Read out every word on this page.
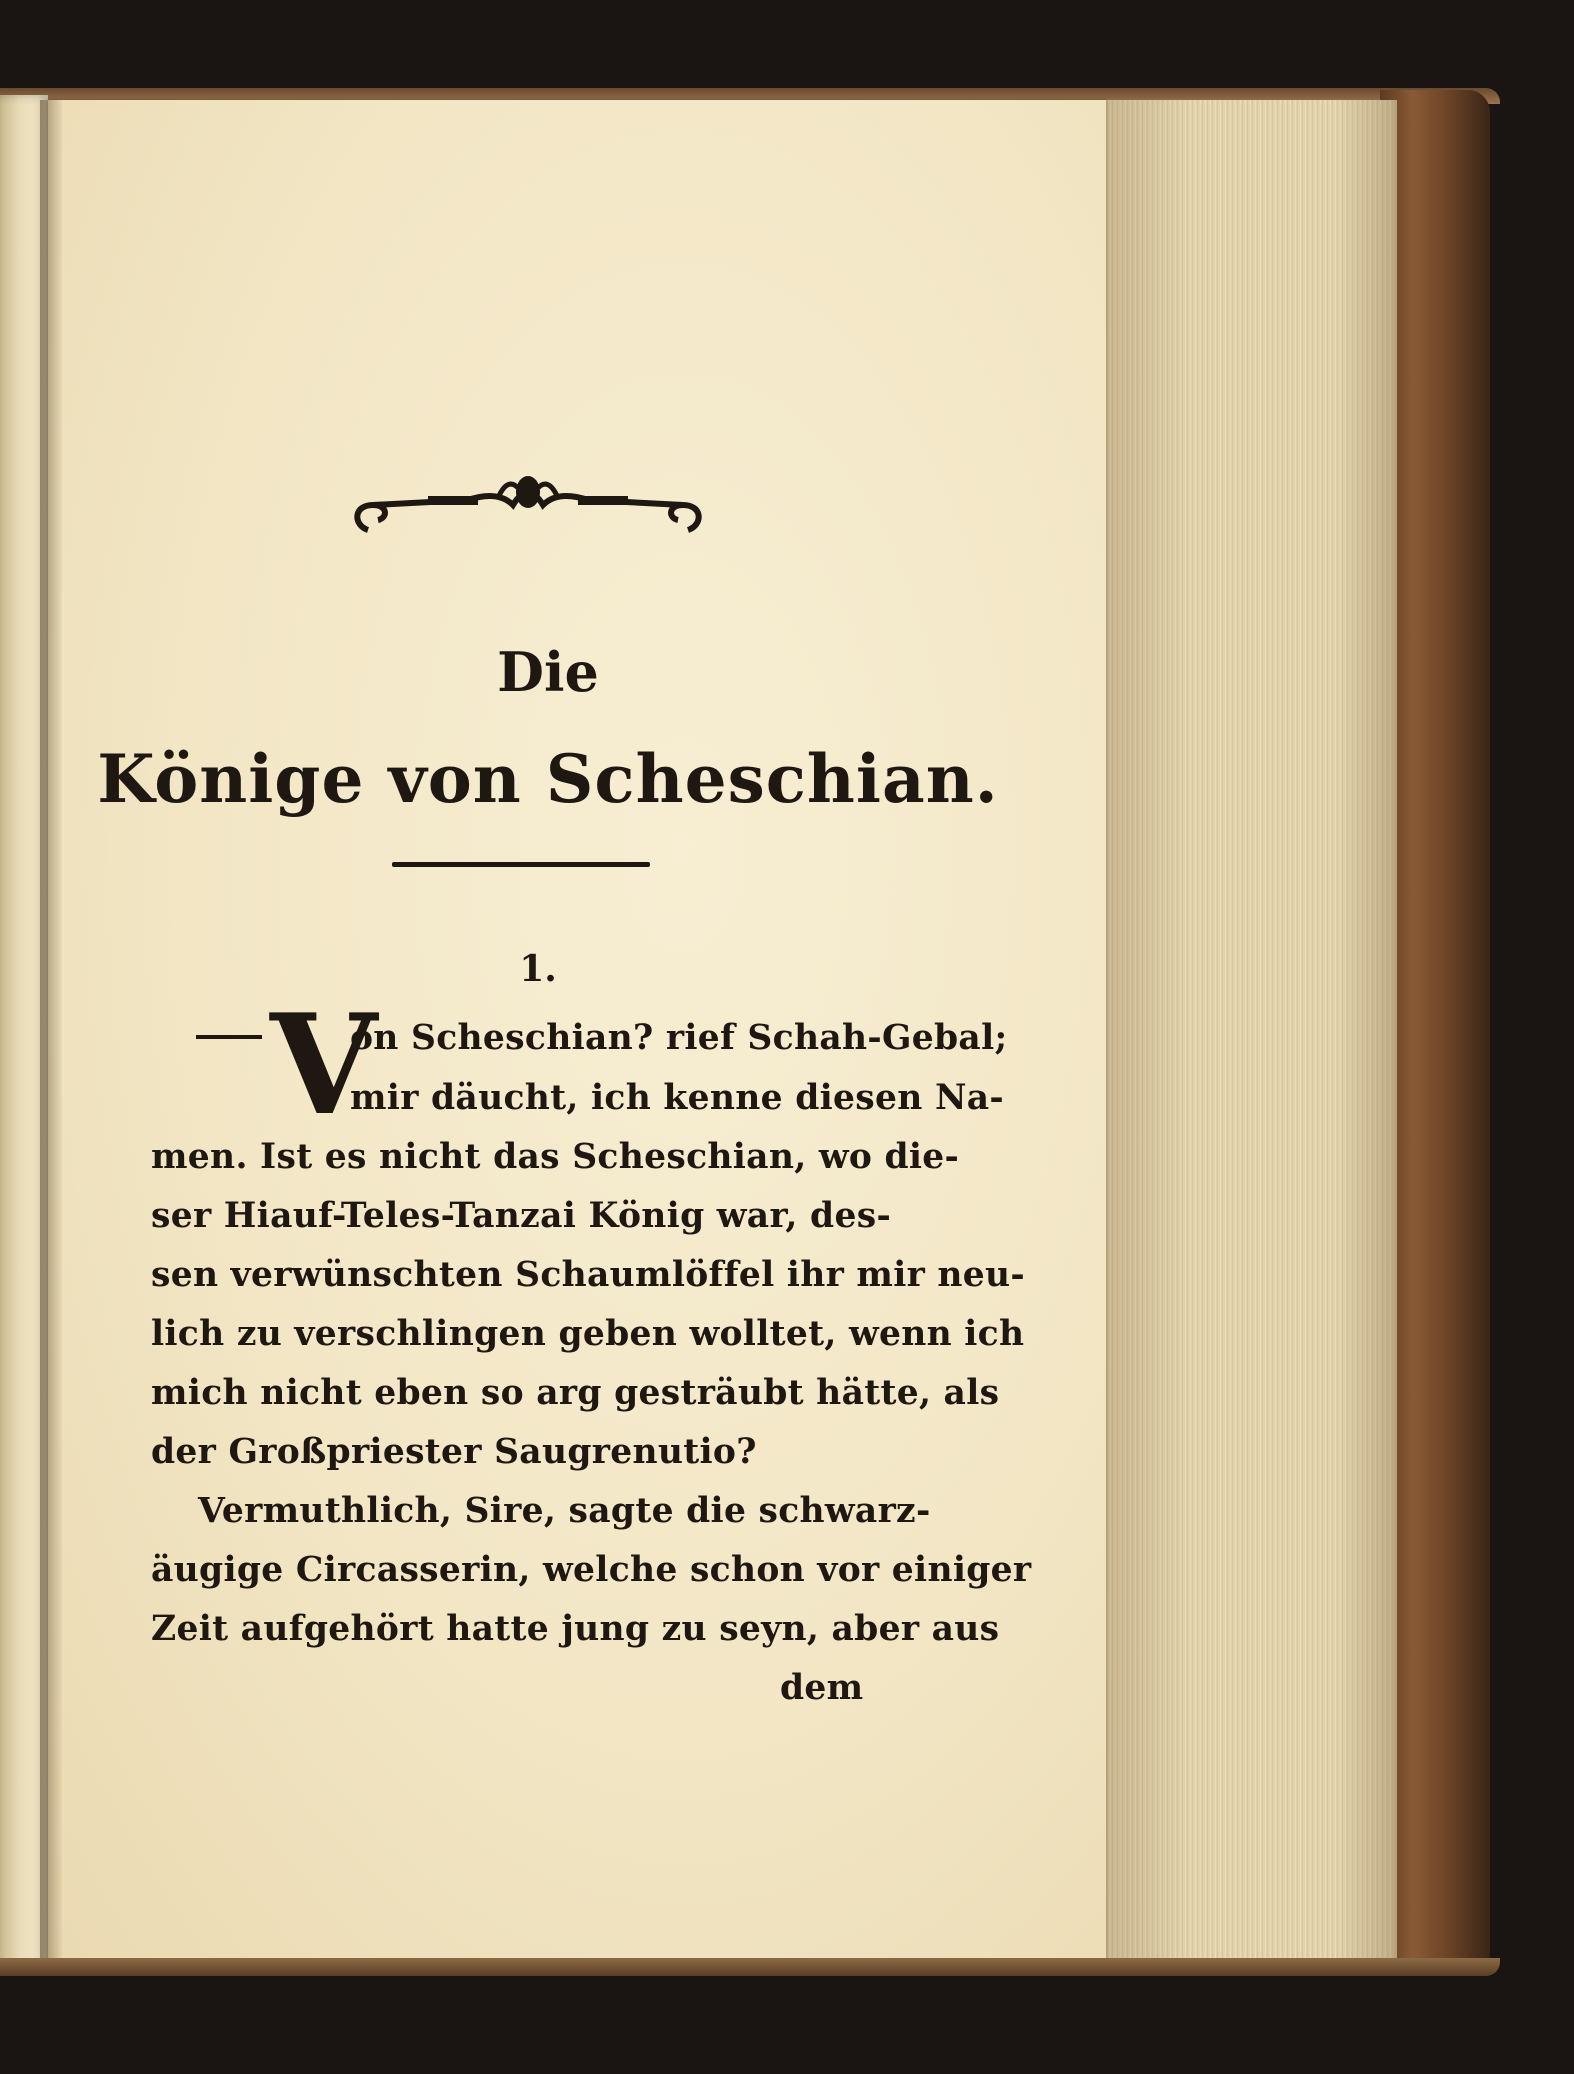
Die
Könige von Scheschian.
1.
V
on Scheschian? rief Schah-Gebal;
mir däucht, ich kenne diesen Na-
men. Ist es nicht das Scheschian, wo die-
ser Hiauf-Teles-Tanzai König war, des-
sen verwünschten Schaumlöffel ihr mir neu-
lich zu verschlingen geben wolltet, wenn ich
mich nicht eben so arg gesträubt hätte, als
der Großpriester Saugrenutio?
Vermuthlich, Sire, sagte die schwarz-
äugige Circasserin, welche schon vor einiger
Zeit aufgehört hatte jung zu seyn, aber aus
dem
